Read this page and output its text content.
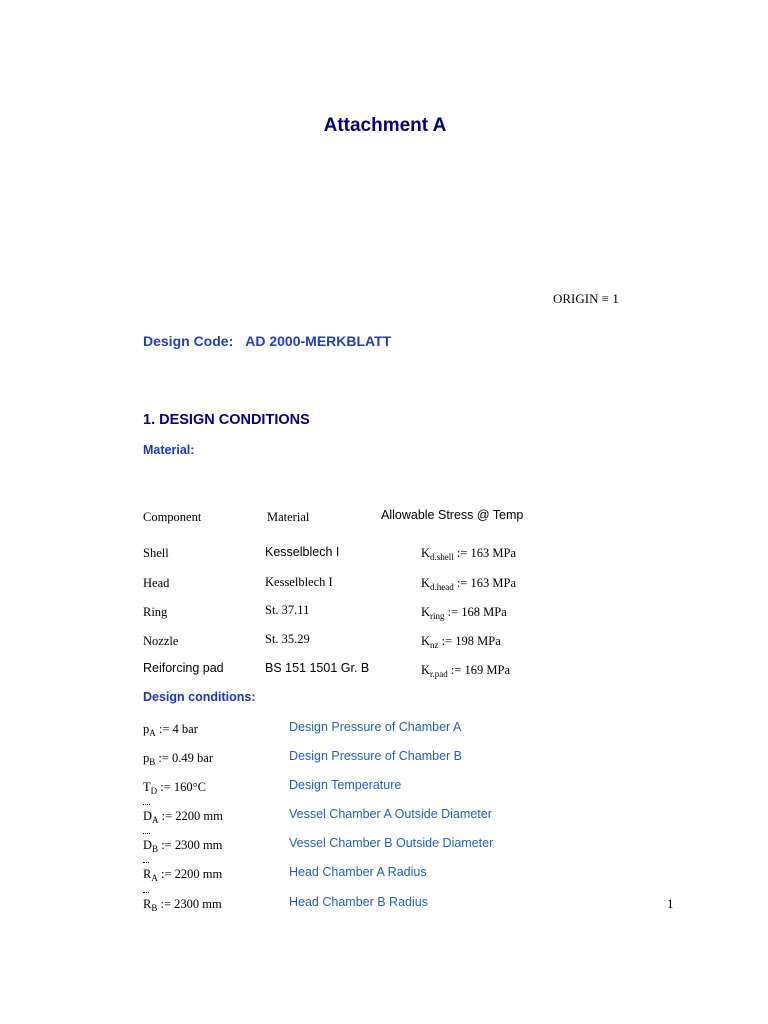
Attachment A
ORIGIN ≡ 1
Design Code: AD 2000-MERKBLATT
1. DESIGN CONDITIONS
Material:
Component	Material	Allowable Stress @ Temp
Shell	Kesselblech I	$K_{d.shell}$ := 163 MPa
Head	Kesselblech I	$K_{d.head}$ := 163 MPa
Ring	St. 37.11	$K_{ring}$ := 168 MPa
Nozzle	St. 35.29	$K_{nz}$ := 198 MPa
Reiforcing pad	BS 151 1501 Gr. B	$K_{r.pad}$ := 169 MPa
Design conditions:
$p_A$ := 4 bar	Design Pressure of Chamber A
$p_B$ := 0.49 bar	Design Pressure of Chamber B
$T_D$ := 160°C	Design Temperature
$D_A$ := 2200 mm	Vessel Chamber A Outside Diameter
$D_B$ := 2300 mm	Vessel Chamber B Outside Diameter
$R_A$ := 2200 mm	Head Chamber A Radius
$R_B$ := 2300 mm	Head Chamber B Radius	1
